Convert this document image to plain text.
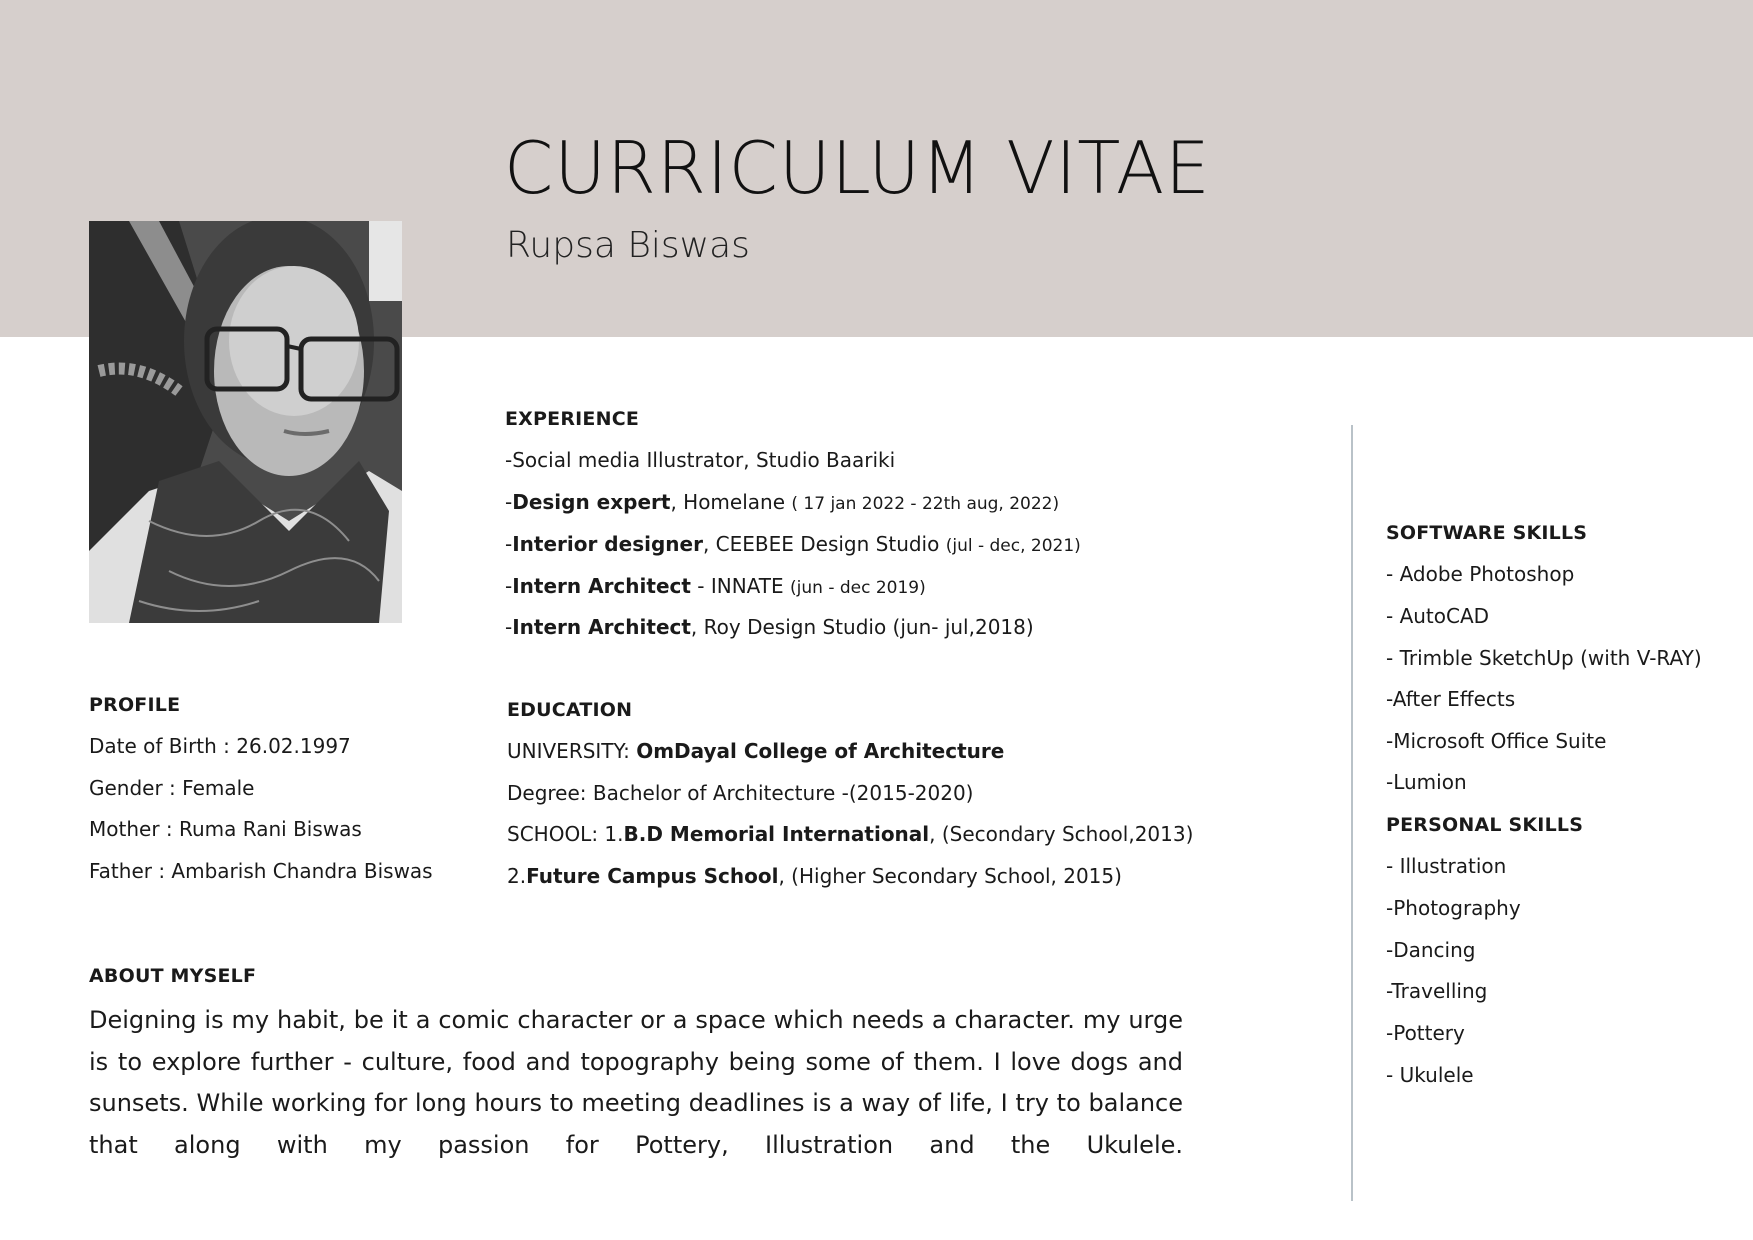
CURRICULUM VITAE
Rupsa Biswas
EXPERIENCE
-Social media Illustrator, Studio Baariki
-Design expert, Homelane ( 17 jan 2022 - 22th aug, 2022)
-Interior designer, CEEBEE Design Studio (jul - dec, 2021)
-Intern Architect - INNATE (jun - dec 2019)
-Intern Architect, Roy Design Studio (jun- jul,2018)
PROFILE
Date of Birth : 26.02.1997
Gender : Female
Mother : Ruma Rani Biswas
Father : Ambarish Chandra Biswas
EDUCATION
UNIVERSITY: OmDayal College of Architecture
Degree: Bachelor of Architecture -(2015-2020)
SCHOOL: 1.B.D Memorial International, (Secondary School,2013)
2.Future Campus School, (Higher Secondary School, 2015)
ABOUT MYSELF
Deigning is my habit, be it a comic character or a space which needs a character. my urge is to explore further - culture, food and topography being some of them. I love dogs and sunsets. While working for long hours to meeting deadlines is a way of life, I try to balance that along with my passion for Pottery, Illustration and the Ukulele.
SOFTWARE SKILLS
- Adobe Photoshop
- AutoCAD
- Trimble SketchUp (with V-RAY)
-After Effects
-Microsoft Office Suite
-Lumion
PERSONAL SKILLS
- Illustration
-Photography
-Dancing
-Travelling
-Pottery
- Ukulele
